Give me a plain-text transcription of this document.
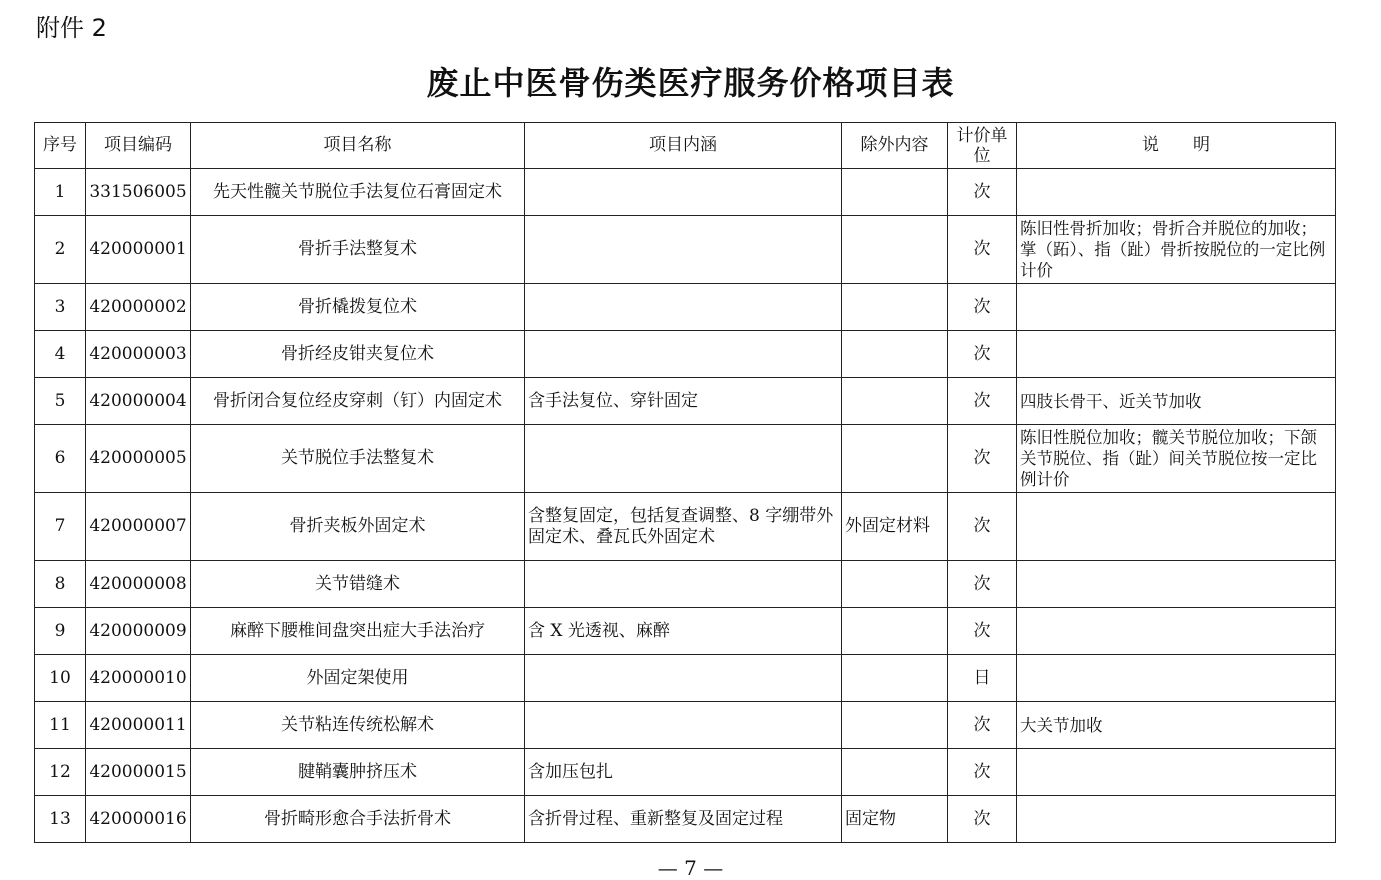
附件 2
废止中医骨伤类医疗服务价格项目表
序号	项目编码	项目名称	项目内涵	除外内容	计价单位	说　　明
1	331506005	先天性髋关节脱位手法复位石膏固定术			次	
2	420000001	骨折手法整复术			次	陈旧性骨折加收；骨折合并脱位的加收；掌（跖）、指（趾）骨折按脱位的一定比例计价
3	420000002	骨折橇拨复位术			次	
4	420000003	骨折经皮钳夹复位术			次	
5	420000004	骨折闭合复位经皮穿刺（钉）内固定术	含手法复位、穿针固定		次	四肢长骨干、近关节加收
6	420000005	关节脱位手法整复术			次	陈旧性脱位加收；髋关节脱位加收；下颌关节脱位、指（趾）间关节脱位按一定比例计价
7	420000007	骨折夹板外固定术	含整复固定，包括复查调整、8 字绷带外固定术、叠瓦氏外固定术	外固定材料	次	
8	420000008	关节错缝术			次	
9	420000009	麻醉下腰椎间盘突出症大手法治疗	含 X 光透视、麻醉		次	
10	420000010	外固定架使用			日	
11	420000011	关节粘连传统松解术			次	大关节加收
12	420000015	腱鞘囊肿挤压术	含加压包扎		次	
13	420000016	骨折畸形愈合手法折骨术	含折骨过程、重新整复及固定过程	固定物	次	
— 7 —
